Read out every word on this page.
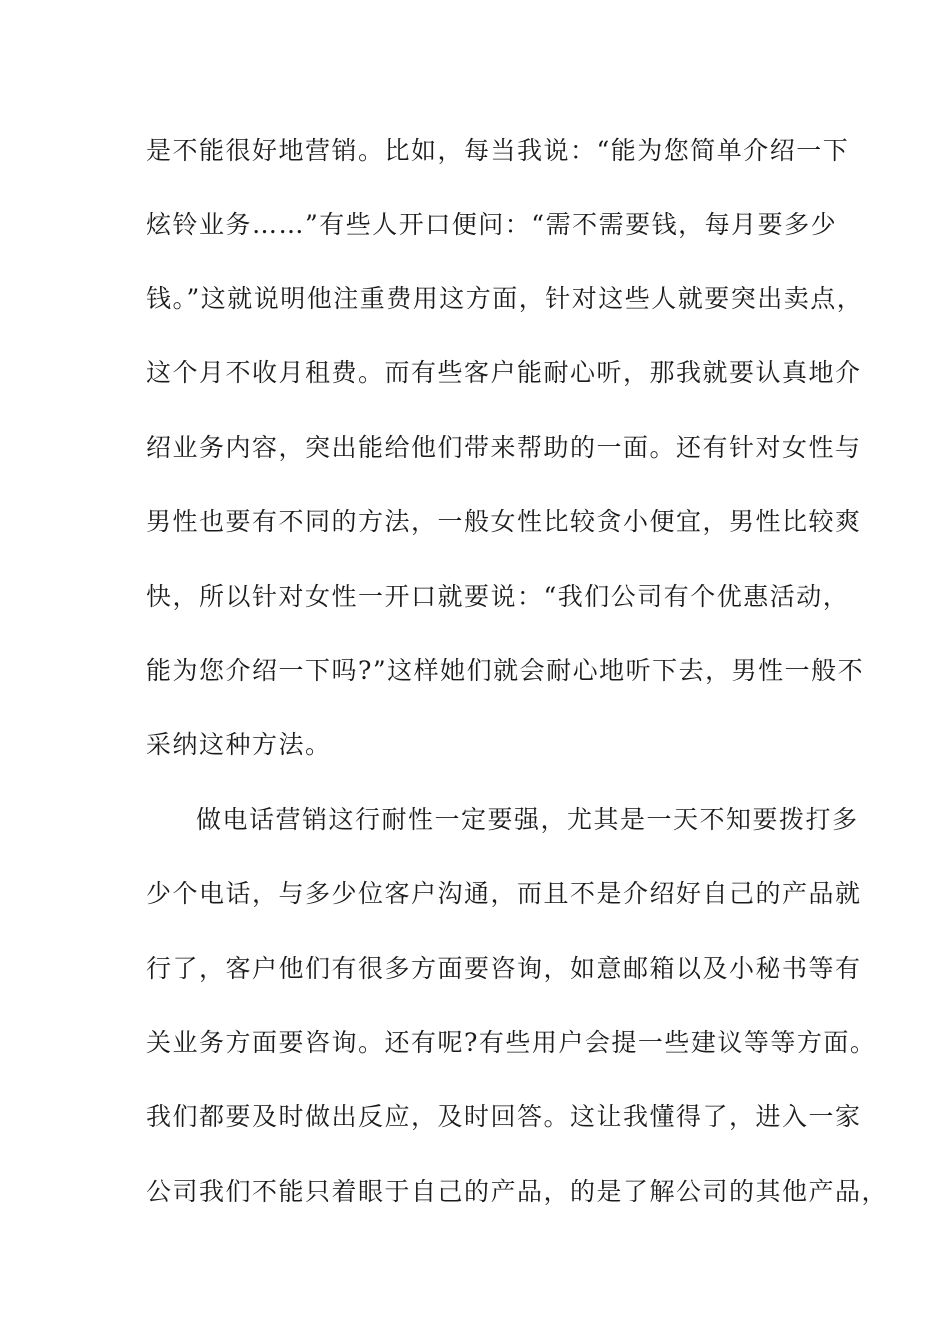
是不能很好地营销。比如，每当我说：“能为您简单介绍一下
炫铃业务……”有些人开口便问：“需不需要钱，每月要多少
钱。”这就说明他注重费用这方面，针对这些人就要突出卖点，
这个月不收月租费。而有些客户能耐心听，那我就要认真地介
绍业务内容，突出能给他们带来帮助的一面。还有针对女性与
男性也要有不同的方法，一般女性比较贪小便宜，男性比较爽
快，所以针对女性一开口就要说：“我们公司有个优惠活动，
能为您介绍一下吗?”这样她们就会耐心地听下去，男性一般不
采纳这种方法。
做电话营销这行耐性一定要强，尤其是一天不知要拨打多
少个电话，与多少位客户沟通，而且不是介绍好自己的产品就
行了，客户他们有很多方面要咨询，如意邮箱以及小秘书等有
关业务方面要咨询。还有呢?有些用户会提一些建议等等方面。
我们都要及时做出反应，及时回答。这让我懂得了，进入一家
公司我们不能只着眼于自己的产品，的是了解公司的其他产品，
